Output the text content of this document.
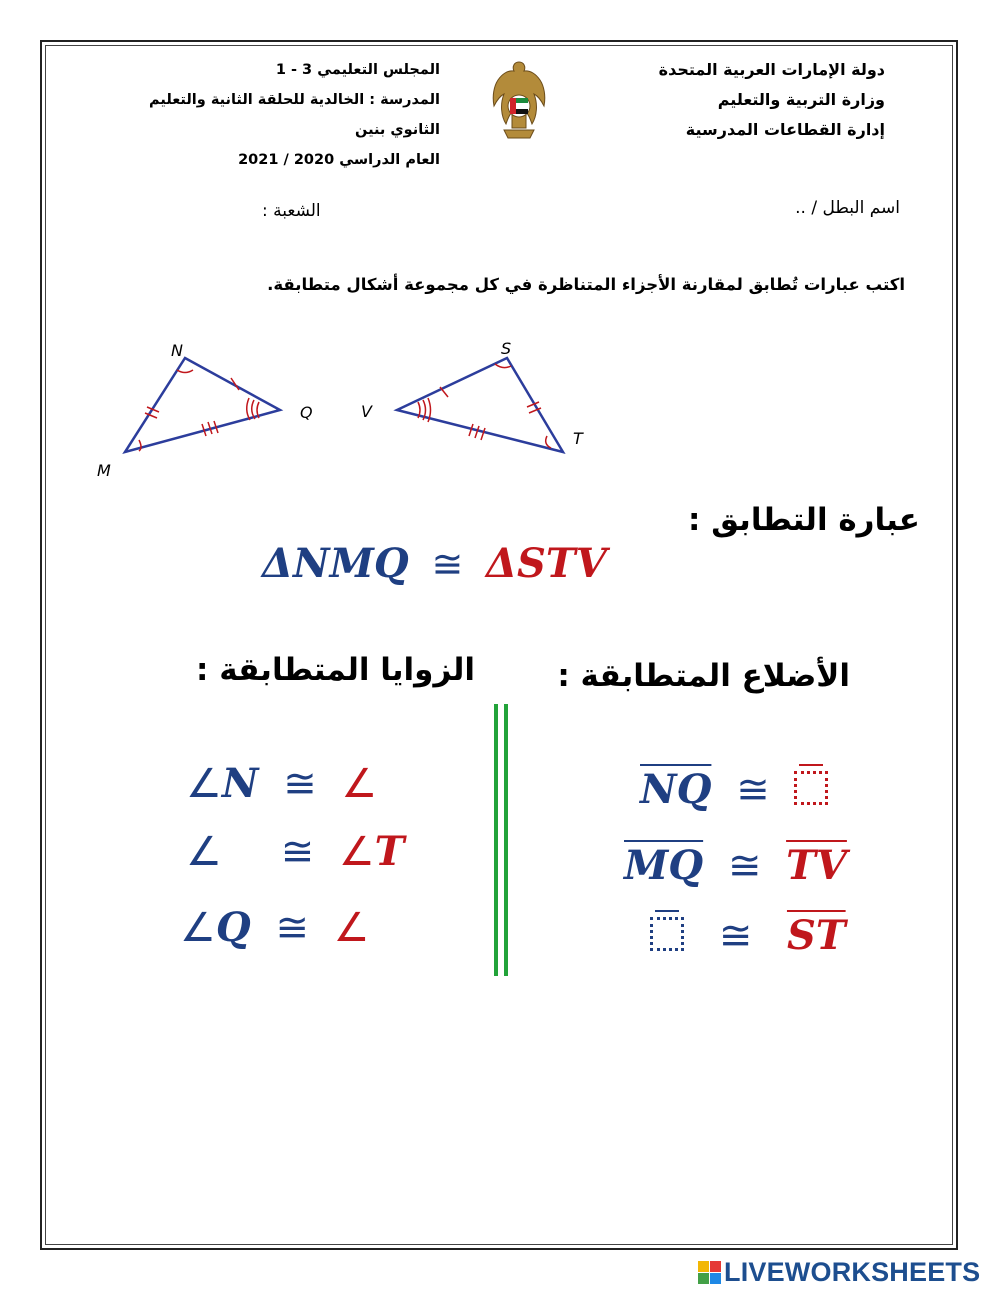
دولة الإمارات العربية المتحدة
وزارة التربية والتعليم
إدارة القطاعات المدرسية
المجلس التعليمي 3 - 1
المدرسة : الخالدية للحلقة الثانية والتعليم الثانوي بنين
العام الدراسي 2020 / 2021
اسم البطل / ..
الشعبة :
اكتب عبارات تُطابق لمقارنة الأجزاء المتناظرة في كل مجموعة أشكال متطابقة.
N
Q
M
S
V
T
عبارة التطابق :
ΔNMQ ≅ ΔSTV
الزوايا المتطابقة :	الأضلاع المتطابقة :
∠N ≅ ∠
∠ ≅ ∠T
∠Q ≅ ∠
$\overline{NQ}$ ≅
$\overline{MQ}$ ≅ $\overline{TV}$
≅ $\overline{ST}$
LIVEWORKSHEETS
